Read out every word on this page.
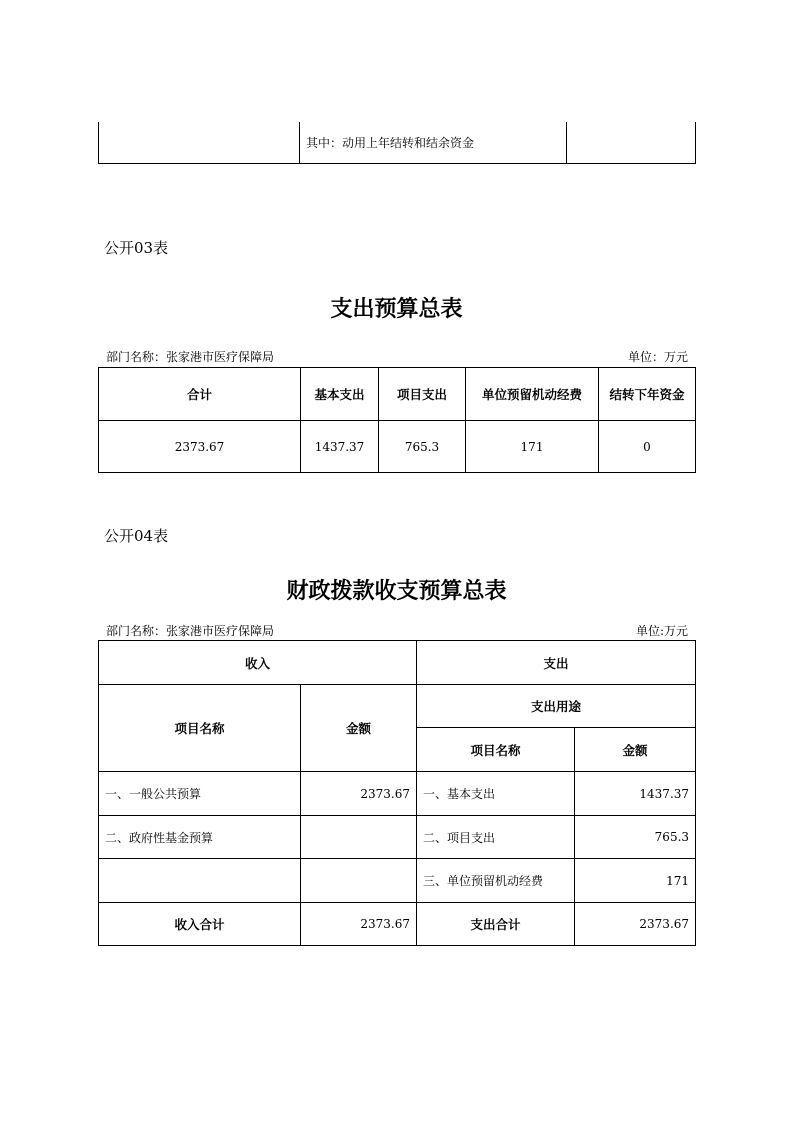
	其中：动用上年结转和结余资金	
公开03表
支出预算总表
部门名称：张家港市医疗保障局	单位：万元
合计	基本支出	项目支出	单位预留机动经费	结转下年资金
2373.67	1437.37	765.3	171	0
公开04表
财政拨款收支预算总表
部门名称：张家港市医疗保障局	单位:万元
收入		支出	
项目名称	金额	支出用途	
		项目名称	金额
一、一般公共预算	2373.67	一、基本支出	1437.37
二、政府性基金预算		二、项目支出	765.3
		三、单位预留机动经费	171
收入合计	2373.67	支出合计	2373.67
